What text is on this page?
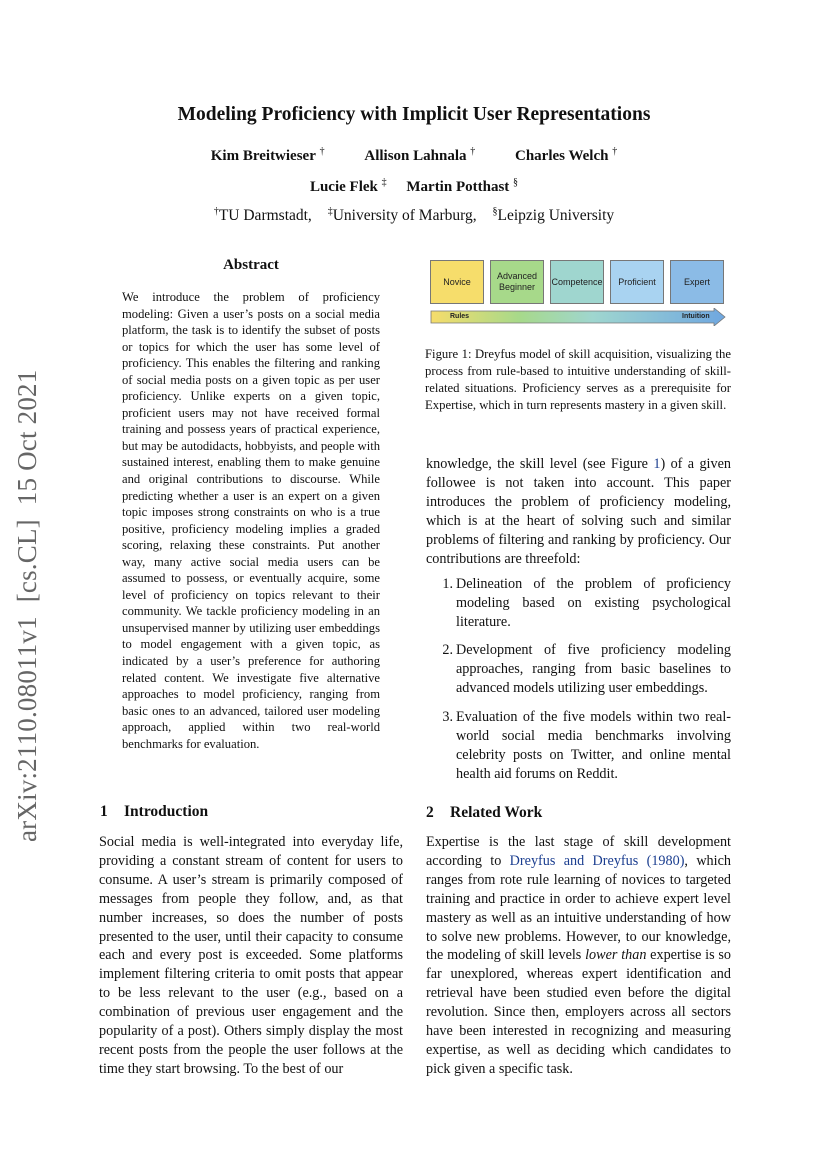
Modeling Proficiency with Implicit User Representations
Kim Breitwieser †	Allison Lahnala †	Charles Welch †
Lucie Flek ‡ Martin Potthast §
†TU Darmstadt, ‡University of Marburg, §Leipzig University
arXiv:2110.08011v1  [cs.CL]  15 Oct 2021
Abstract
We introduce the problem of proficiency modeling: Given a user’s posts on a social media platform, the task is to identify the subset of posts or topics for which the user has some level of proficiency. This enables the filtering and ranking of social media posts on a given topic as per user proficiency. Unlike experts on a given topic, proficient users may not have received formal training and possess years of practical experience, but may be autodidacts, hobbyists, and people with sustained interest, enabling them to make genuine and original contributions to discourse. While predicting whether a user is an expert on a given topic imposes strong constraints on who is a true positive, proficiency modeling implies a graded scoring, relaxing these constraints. Put another way, many active social media users can be assumed to possess, or eventually acquire, some level of proficiency on topics relevant to their community. We tackle proficiency modeling in an unsupervised manner by utilizing user embeddings to model engagement with a given topic, as indicated by a user’s preference for authoring related content. We investigate five alternative approaches to model proficiency, ranging from basic ones to an advanced, tailored user modeling approach, applied within two real-world benchmarks for evaluation.
1 Introduction
Social media is well-integrated into everyday life, providing a constant stream of content for users to consume. A user’s stream is primarily composed of messages from people they follow, and, as that number increases, so does the number of posts presented to the user, until their capacity to consume each and every post is exceeded. Some platforms implement filtering criteria to omit posts that appear to be less relevant to the user (e.g., based on a combination of previous user engagement and the popularity of a post). Others simply display the most recent posts from the people the user follows at the time they start browsing. To the best of our
Novice
Advanced Beginner
Competence	Proficient	Expert
Rules	Intuition
Figure 1: Dreyfus model of skill acquisition, visualizing the process from rule-based to intuitive understanding of skill-related situations. Proficiency serves as a prerequisite for Expertise, which in turn represents mastery in a given skill.
knowledge, the skill level (see Figure 1) of a given followee is not taken into account. This paper introduces the problem of proficiency modeling, which is at the heart of solving such and similar problems of filtering and ranking by proficiency. Our contributions are threefold:
1. Delineation of the problem of proficiency modeling based on existing psychological literature.
2. Development of five proficiency modeling approaches, ranging from basic baselines to advanced models utilizing user embeddings.
3. Evaluation of the five models within two real-world social media benchmarks involving celebrity posts on Twitter, and online mental health aid forums on Reddit.
2 Related Work
Expertise is the last stage of skill development according to Dreyfus and Dreyfus (1980), which ranges from rote rule learning of novices to targeted training and practice in order to achieve expert level mastery as well as an intuitive understanding of how to solve new problems. However, to our knowledge, the modeling of skill levels lower than expertise is so far unexplored, whereas expert identification and retrieval have been studied even before the digital revolution. Since then, employers across all sectors have been interested in recognizing and measuring expertise, as well as deciding which candidates to pick given a specific task.
